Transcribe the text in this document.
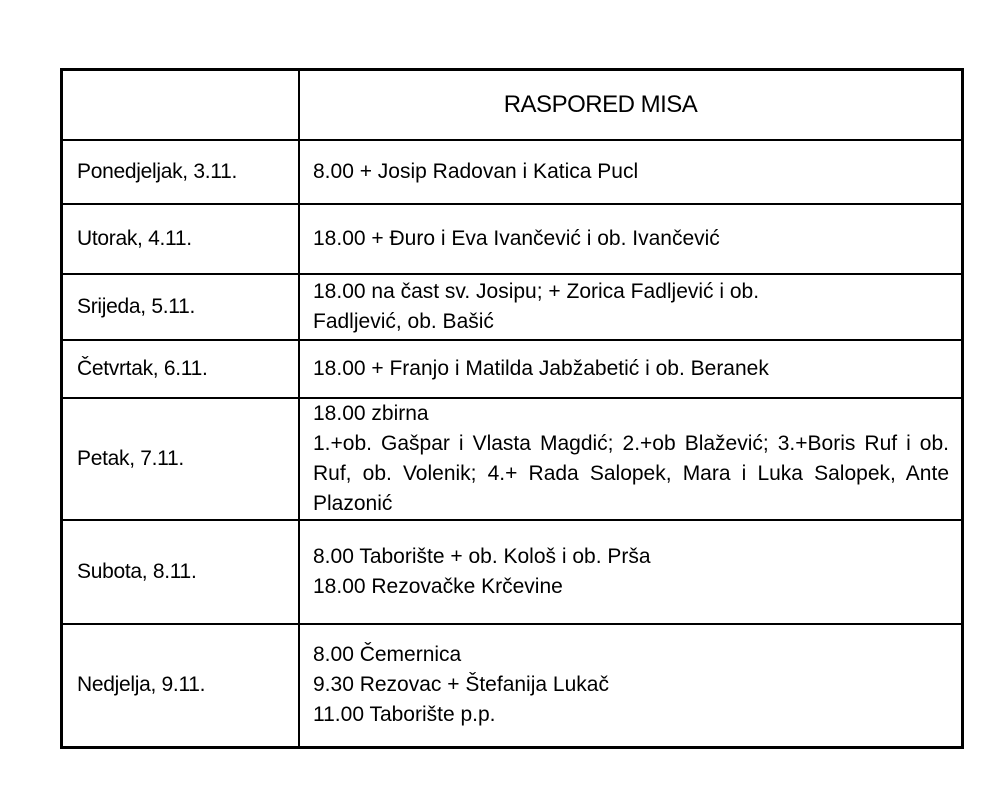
	RASPORED MISA
Ponedjeljak, 3.11.	8.00 + Josip Radovan i Katica Pucl

Utorak, 4.11.	18.00 + Đuro i Eva Ivančević i ob. Ivančević

Srijeda, 5.11.	18.00 na čast sv. Josipu; + Zorica Fadljević i ob.
Fadljević, ob. Bašić

Četvrtak, 6.11.	18.00 + Franjo i Matilda Jabžabetić i ob. Beranek

Petak, 7.11.	18.00 zbirna
1.+ob. Gašpar i Vlasta Magdić; 2.+ob Blažević; 3.+Boris Ruf i ob. Ruf, ob. Volenik; 4.+ Rada Salopek, Mara i Luka Salopek, Ante Plazonić

Subota, 8.11.	8.00 Taborište + ob. Kološ i ob. Prša
18.00 Rezovačke Krčevine

Nedjelja, 9.11.	8.00 Čemernica
9.30 Rezovac + Štefanija Lukač
11.00 Taborište p.p.
